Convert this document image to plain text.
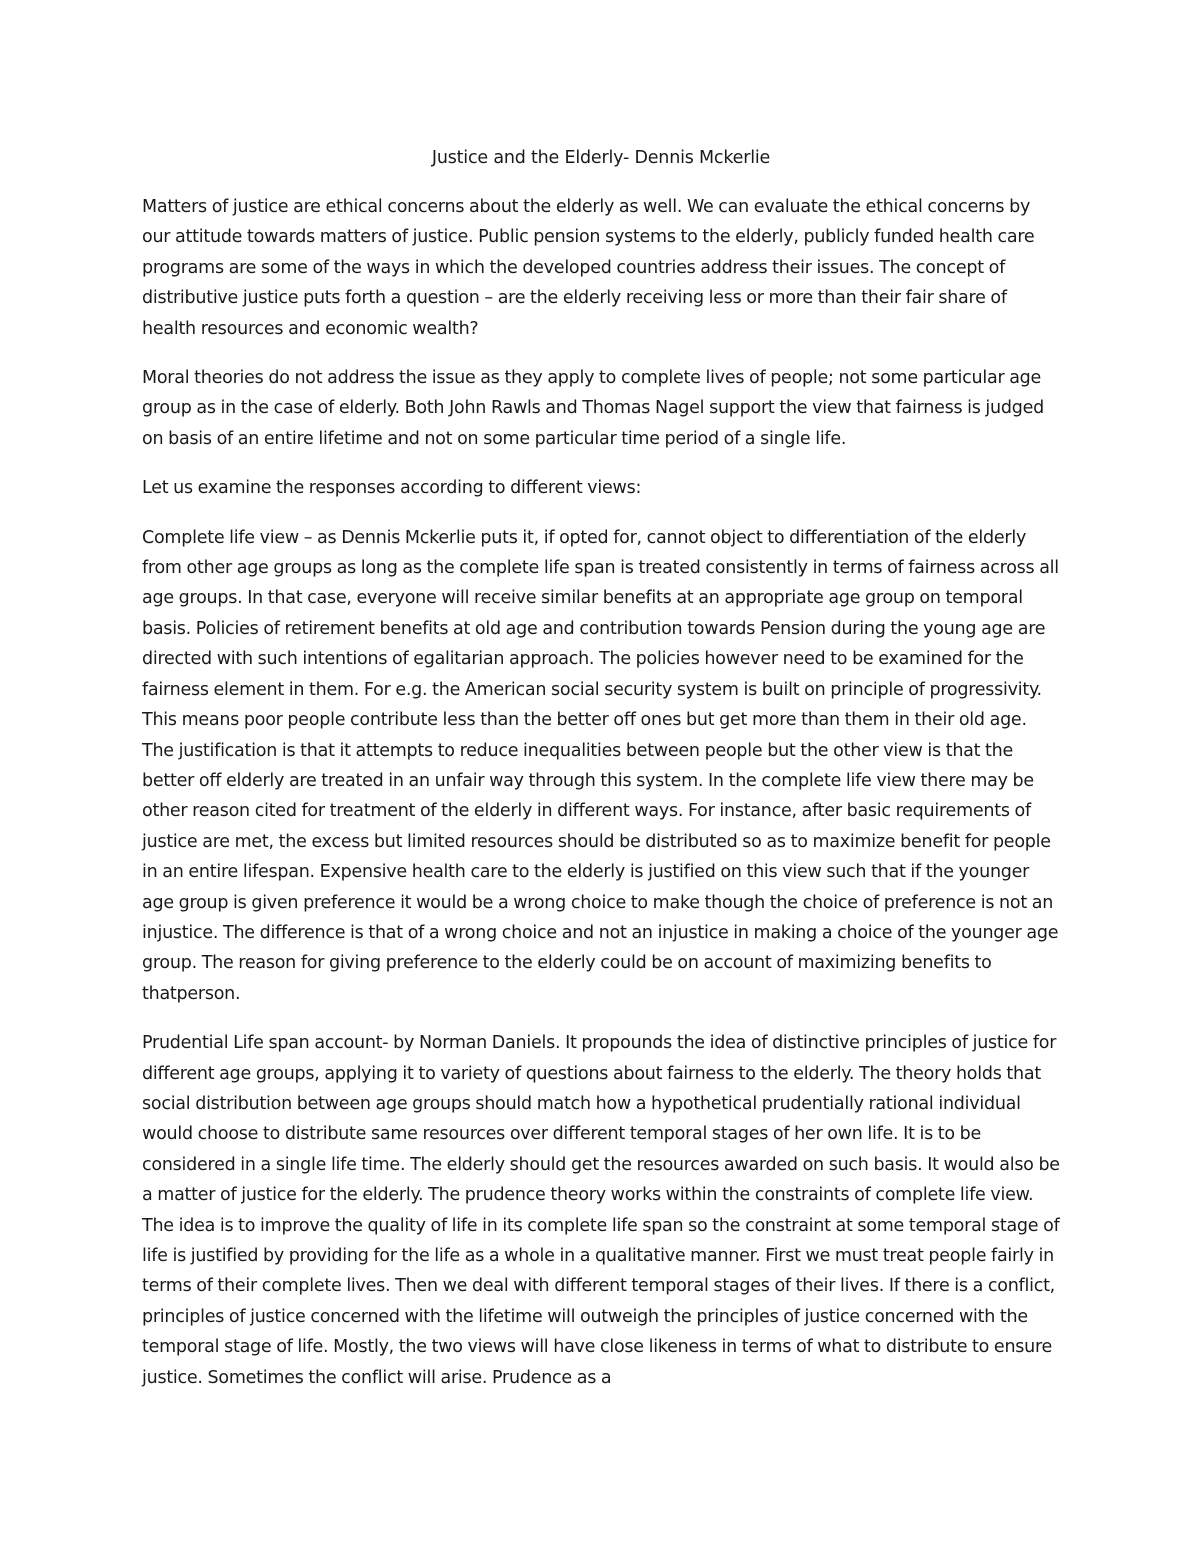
Justice and the Elderly- Dennis Mckerlie

Matters of justice are ethical concerns about the elderly as well. We can evaluate the ethical concerns by our attitude towards matters of justice. Public pension systems to the elderly, publicly funded health care programs are some of the ways in which the developed countries address their issues. The concept of distributive justice puts forth a question – are the elderly receiving less or more than their fair share of health resources and economic wealth?

Moral theories do not address the issue as they apply to complete lives of people; not some particular age group as in the case of elderly. Both John Rawls and Thomas Nagel support the view that fairness is judged on basis of an entire lifetime and not on some particular time period of a single life.

Let us examine the responses according to different views:

Complete life view – as Dennis Mckerlie puts it, if opted for, cannot object to differentiation of the elderly from other age groups as long as the complete life span is treated consistently in terms of fairness across all age groups. In that case, everyone will receive similar benefits at an appropriate age group on temporal basis. Policies of retirement benefits at old age and contribution towards Pension during the young age are directed with such intentions of egalitarian approach. The policies however need to be examined for the fairness element in them. For e.g. the American social security system is built on principle of progressivity. This means poor people contribute less than the better off ones but get more than them in their old age. The justification is that it attempts to reduce inequalities between people but the other view is that the better off elderly are treated in an unfair way through this system. In the complete life view there may be other reason cited for treatment of the elderly in different ways. For instance, after basic requirements of justice are met, the excess but limited resources should be distributed so as to maximize benefit for people in an entire lifespan. Expensive health care to the elderly is justified on this view such that if the younger age group is given preference it would be a wrong choice to make though the choice of preference is not an injustice. The difference is that of a wrong choice and not an injustice in making a choice of the younger age group. The reason for giving preference to the elderly could be on account of maximizing benefits to thatperson.

Prudential Life span account- by Norman Daniels. It propounds the idea of distinctive principles of justice for different age groups, applying it to variety of questions about fairness to the elderly. The theory holds that social distribution between age groups should match how a hypothetical prudentially rational individual would choose to distribute same resources over different temporal stages of her own life. It is to be considered in a single life time. The elderly should get the resources awarded on such basis. It would also be a matter of justice for the elderly. The prudence theory works within the constraints of complete life view. The idea is to improve the quality of life in its complete life span so the constraint at some temporal stage of life is justified by providing for the life as a whole in a qualitative manner. First we must treat people fairly in terms of their complete lives. Then we deal with different temporal stages of their lives. If there is a conflict, principles of justice concerned with the lifetime will outweigh the principles of justice concerned with the temporal stage of life. Mostly, the two views will have close likeness in terms of what to distribute to ensure justice. Sometimes the conflict will arise. Prudence as a
